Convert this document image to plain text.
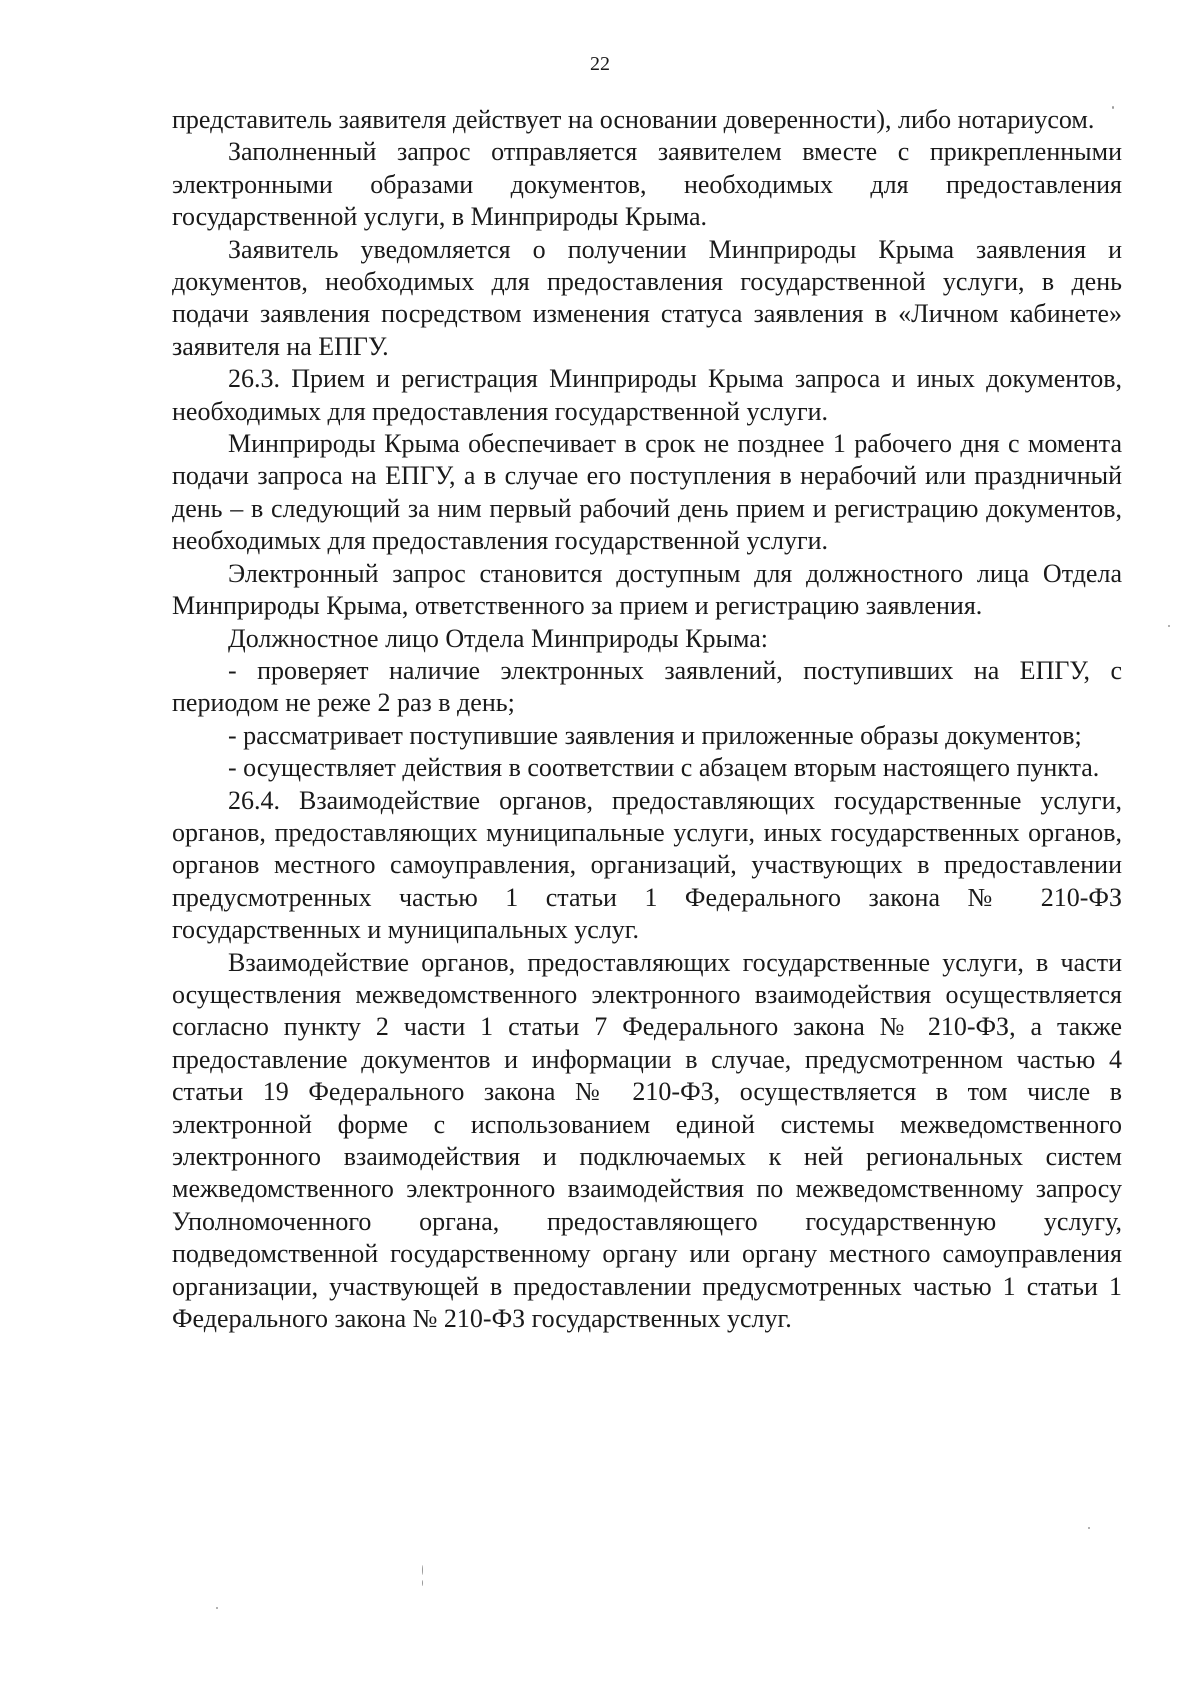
22

представитель заявителя действует на основании доверенности), либо нотариусом.

Заполненный запрос отправляется заявителем вместе с прикрепленными электронными образами документов, необходимых для предоставления государственной услуги, в Минприроды Крыма.

Заявитель уведомляется о получении Минприроды Крыма заявления и документов, необходимых для предоставления государственной услуги, в день подачи заявления посредством изменения статуса заявления в «Личном кабинете» заявителя на ЕПГУ.

26.3. Прием и регистрация Минприроды Крыма запроса и иных документов, необходимых для предоставления государственной услуги.

Минприроды Крыма обеспечивает в срок не позднее 1 рабочего дня с момента подачи запроса на ЕПГУ, а в случае его поступления в нерабочий или праздничный день – в следующий за ним первый рабочий день прием и регистрацию документов, необходимых для предоставления государственной услуги.

Электронный запрос становится доступным для должностного лица Отдела Минприроды Крыма, ответственного за прием и регистрацию заявления.

Должностное лицо Отдела Минприроды Крыма:

- проверяет наличие электронных заявлений, поступивших на ЕПГУ, с периодом не реже 2 раз в день;

- рассматривает поступившие заявления и приложенные образы документов;

- осуществляет действия в соответствии с абзацем вторым настоящего пункта.

26.4. Взаимодействие органов, предоставляющих государственные услуги, органов, предоставляющих муниципальные услуги, иных государственных органов, органов местного самоуправления, организаций, участвующих в предоставлении предусмотренных частью 1 статьи 1 Федерального закона № 210-ФЗ государственных и муниципальных услуг.

Взаимодействие органов, предоставляющих государственные услуги, в части осуществления межведомственного электронного взаимодействия осуществляется согласно пункту 2 части 1 статьи 7 Федерального закона № 210-ФЗ, а также предоставление документов и информации в случае, предусмотренном частью 4 статьи 19 Федерального закона № 210-ФЗ, осуществляется в том числе в электронной форме с использованием единой системы межведомственного электронного взаимодействия и подключаемых к ней региональных систем межведомственного электронного взаимодействия по межведомственному запросу Уполномоченного органа, предоставляющего государственную услугу, подведомственной государственному органу или органу местного самоуправления организации, участвующей в предоставлении предусмотренных частью 1 статьи 1 Федерального закона № 210-ФЗ государственных услуг.
